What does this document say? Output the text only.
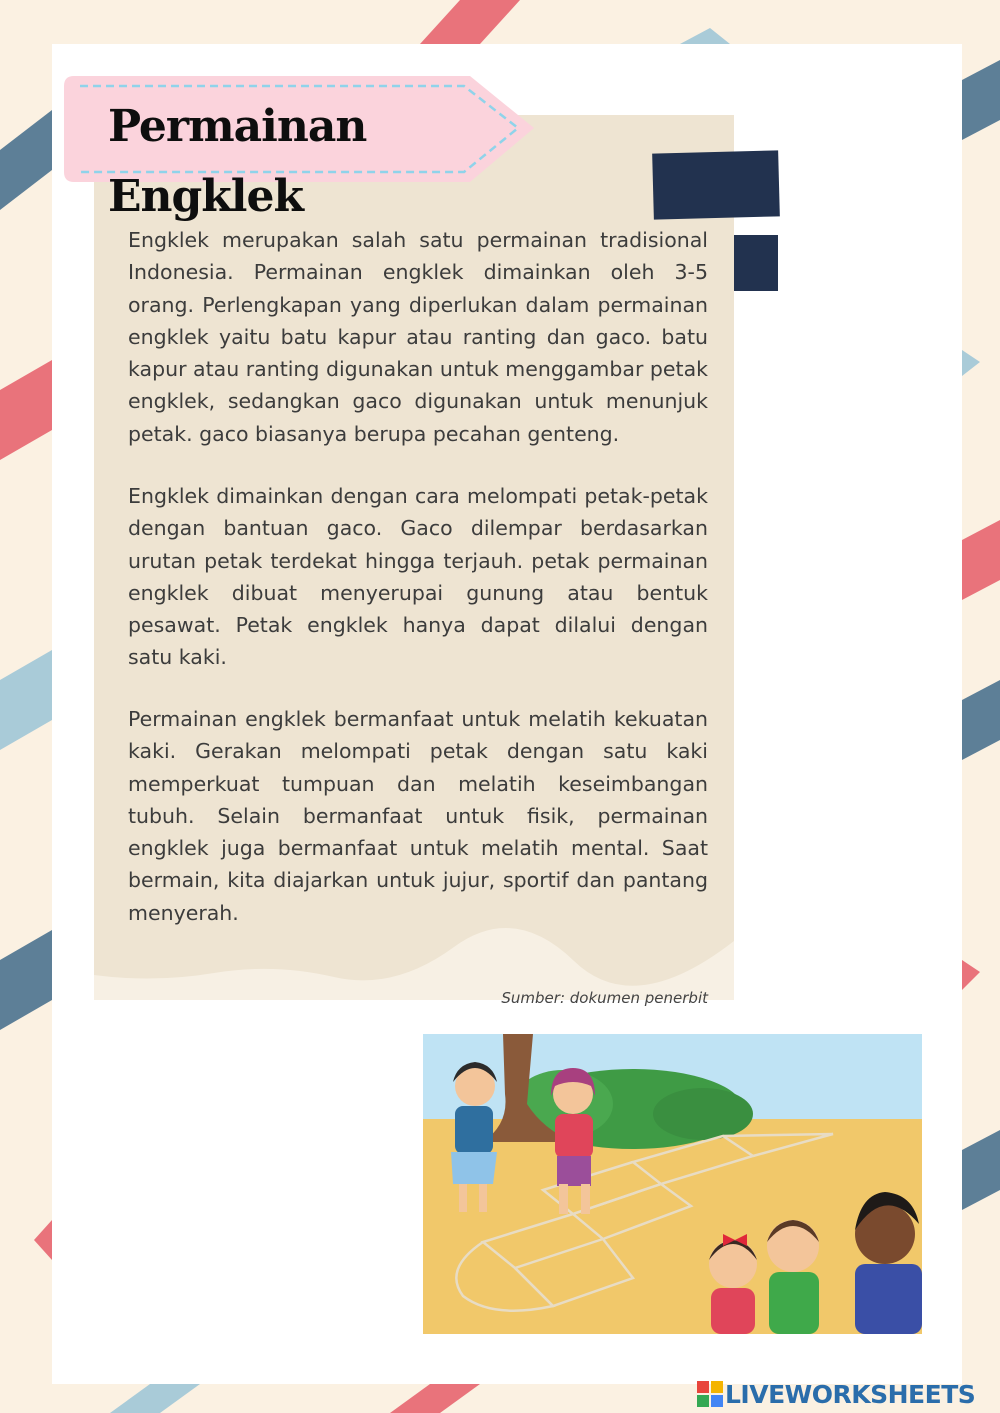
Permainan Engklek

Engklek merupakan salah satu permainan tradisional Indonesia. Permainan engklek dimainkan oleh 3-5 orang. Perlengkapan yang diperlukan dalam permainan engklek yaitu batu kapur atau ranting dan gaco. batu kapur atau ranting digunakan untuk menggambar petak engklek, sedangkan gaco digunakan untuk menunjuk petak. gaco biasanya berupa pecahan genteng.

Engklek dimainkan dengan cara melompati petak-petak dengan bantuan gaco. Gaco dilempar berdasarkan urutan petak terdekat hingga terjauh. petak permainan engklek dibuat menyerupai gunung atau bentuk pesawat. Petak engklek hanya dapat dilalui dengan satu kaki.

Permainan engklek bermanfaat untuk melatih kekuatan kaki. Gerakan melompati petak dengan satu kaki memperkuat tumpuan dan melatih keseimbangan tubuh. Selain bermanfaat untuk fisik, permainan engklek juga bermanfaat untuk melatih mental. Saat bermain, kita diajarkan untuk jujur, sportif dan pantang menyerah.

Sumber: dokumen penerbit

LIVEWORKSHEETS
